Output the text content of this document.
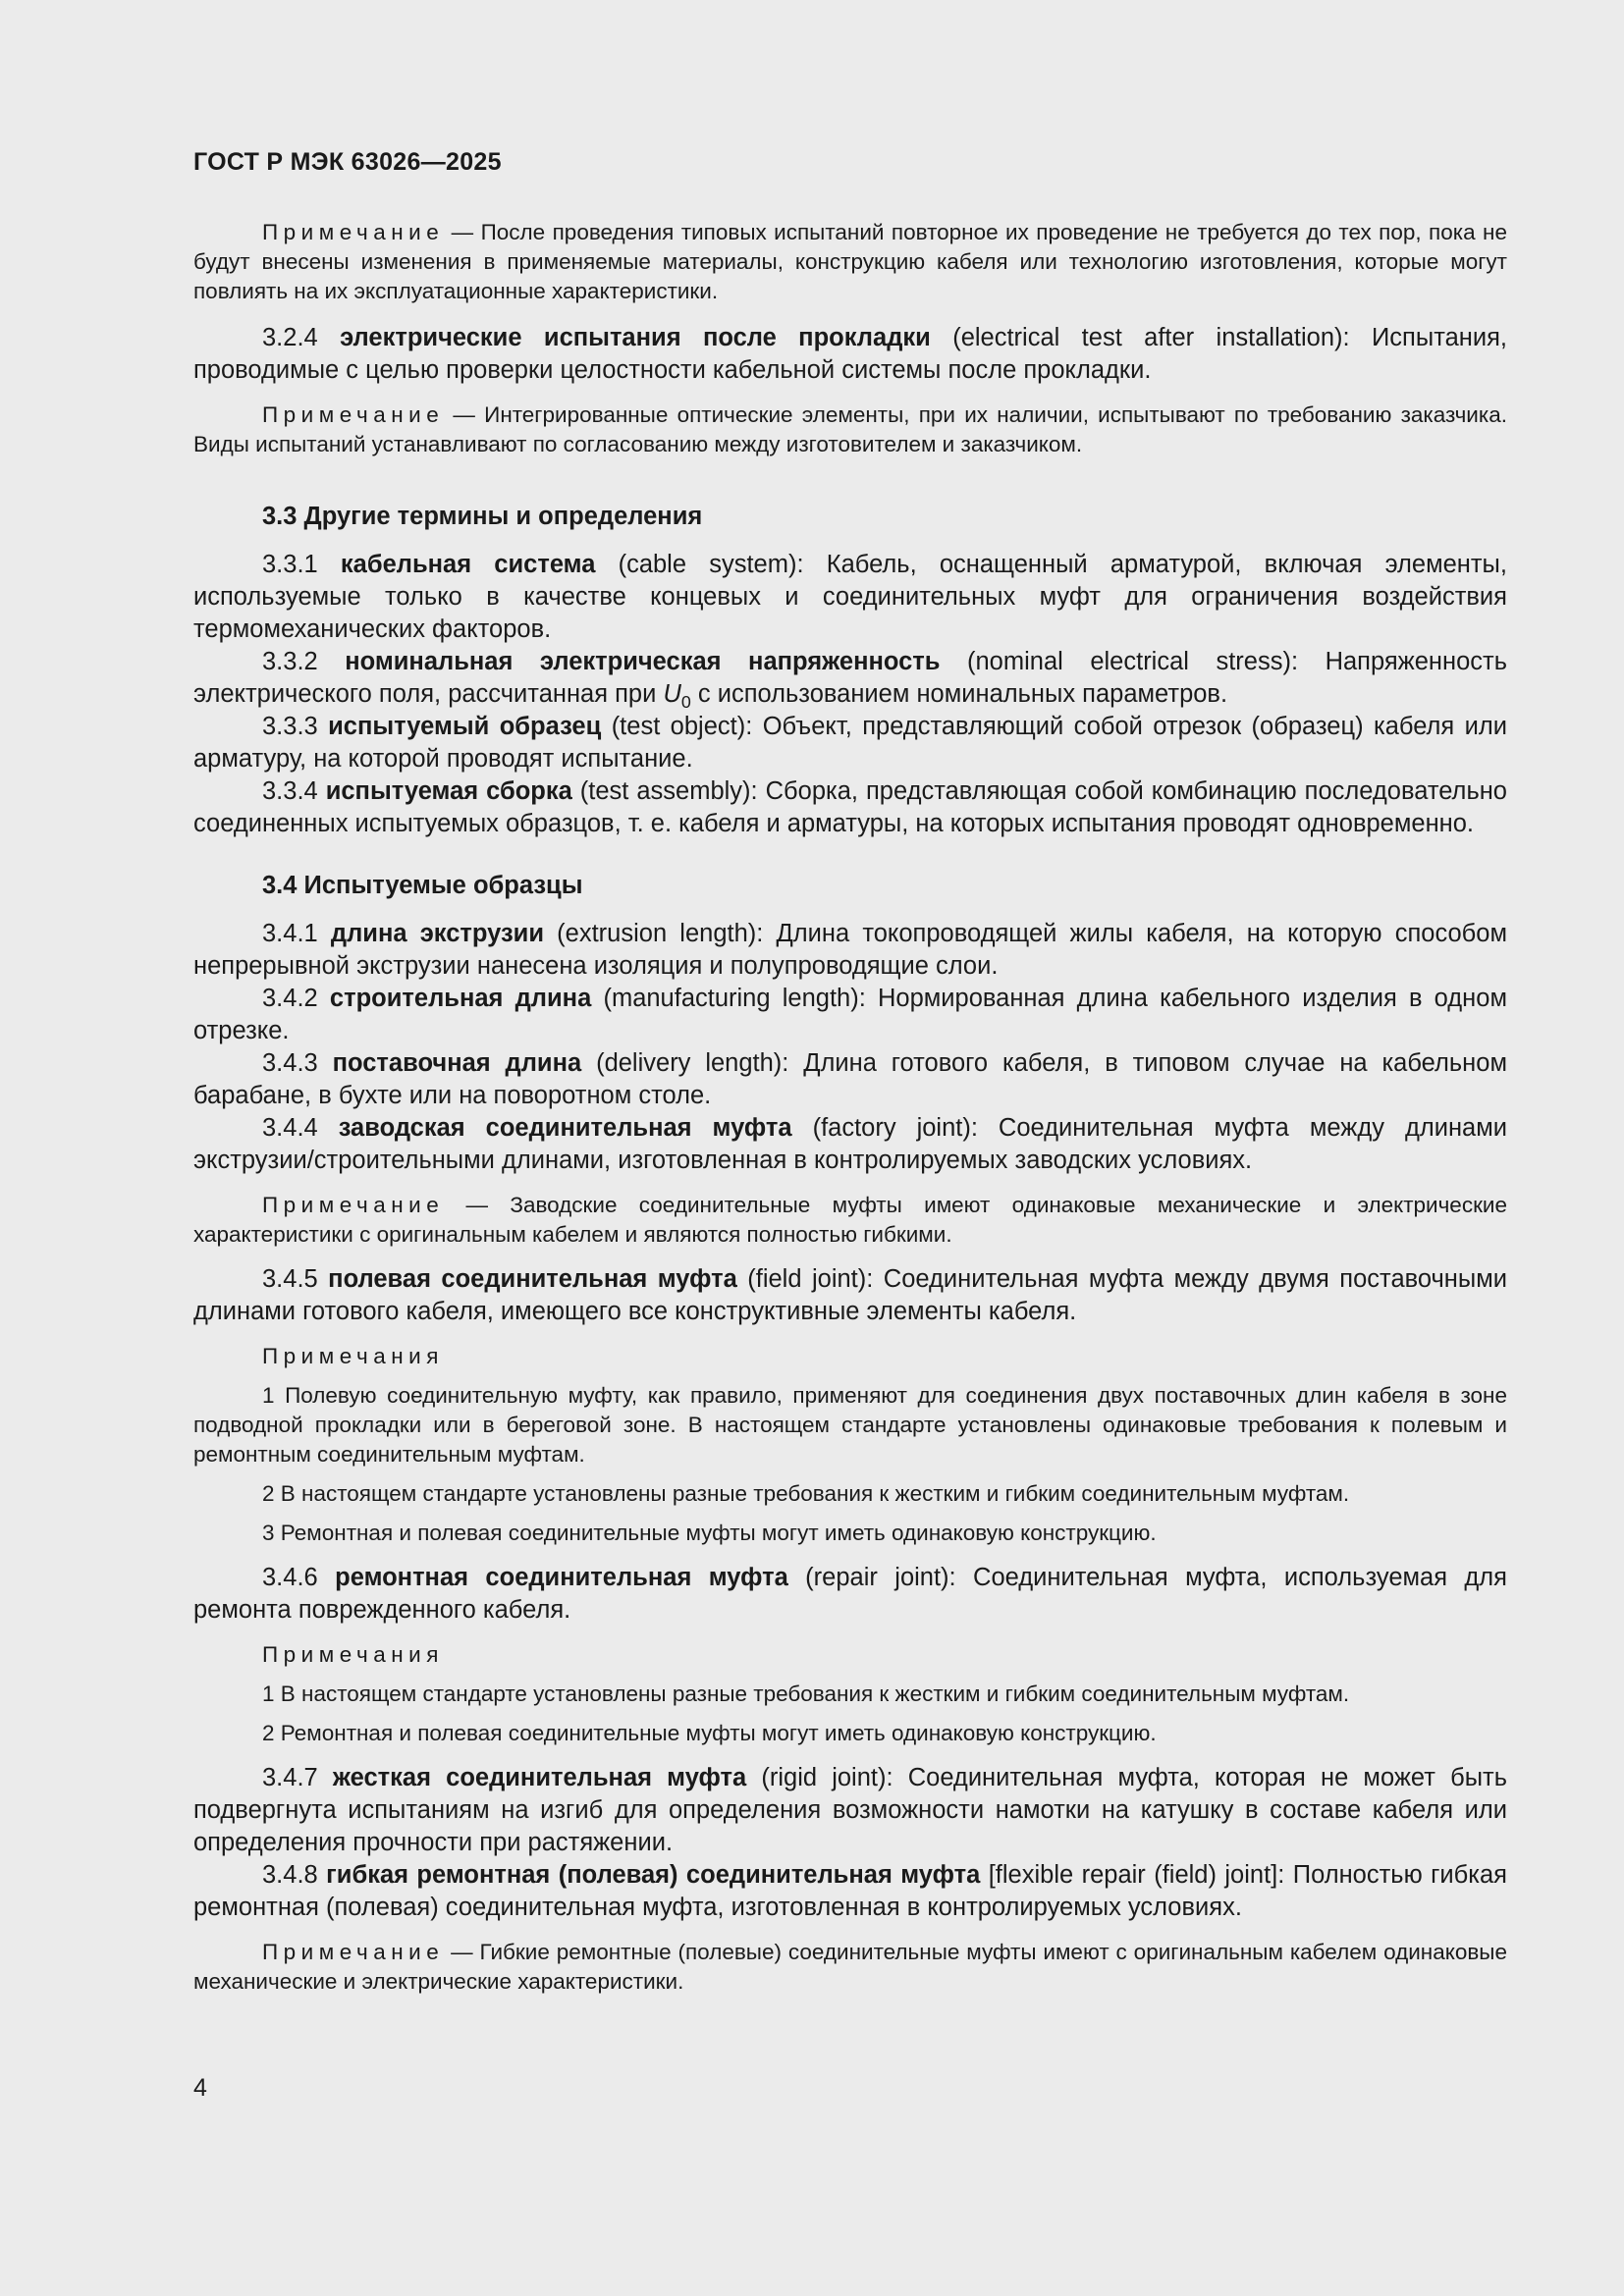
ГОСТ Р МЭК 63026—2025

Примечание — После проведения типовых испытаний повторное их проведение не требуется до тех пор, пока не будут внесены изменения в применяемые материалы, конструкцию кабеля или технологию изготовления, которые могут повлиять на их эксплуатационные характеристики.

3.2.4 электрические испытания после прокладки (electrical test after installation): Испытания, проводимые с целью проверки целостности кабельной системы после прокладки.

Примечание — Интегрированные оптические элементы, при их наличии, испытывают по требованию заказчика. Виды испытаний устанавливают по согласованию между изготовителем и заказчиком.

3.3 Другие термины и определения

3.3.1 кабельная система (cable system): Кабель, оснащенный арматурой, включая элементы, используемые только в качестве концевых и соединительных муфт для ограничения воздействия термомеханических факторов.

3.3.2 номинальная электрическая напряженность (nominal electrical stress): Напряженность электрического поля, рассчитанная при $U_0$ с использованием номинальных параметров.

3.3.3 испытуемый образец (test object): Объект, представляющий собой отрезок (образец) кабеля или арматуру, на которой проводят испытание.

3.3.4 испытуемая сборка (test assembly): Сборка, представляющая собой комбинацию последовательно соединенных испытуемых образцов, т. е. кабеля и арматуры, на которых испытания проводят одновременно.

3.4 Испытуемые образцы

3.4.1 длина экструзии (extrusion length): Длина токопроводящей жилы кабеля, на которую способом непрерывной экструзии нанесена изоляция и полупроводящие слои.

3.4.2 строительная длина (manufacturing length): Нормированная длина кабельного изделия в одном отрезке.

3.4.3 поставочная длина (delivery length): Длина готового кабеля, в типовом случае на кабельном барабане, в бухте или на поворотном столе.

3.4.4 заводская соединительная муфта (factory joint): Соединительная муфта между длинами экструзии/строительными длинами, изготовленная в контролируемых заводских условиях.

Примечание — Заводские соединительные муфты имеют одинаковые механические и электрические характеристики с оригинальным кабелем и являются полностью гибкими.

3.4.5 полевая соединительная муфта (field joint): Соединительная муфта между двумя поставочными длинами готового кабеля, имеющего все конструктивные элементы кабеля.

Примечания

1 Полевую соединительную муфту, как правило, применяют для соединения двух поставочных длин кабеля в зоне подводной прокладки или в береговой зоне. В настоящем стандарте установлены одинаковые требования к полевым и ремонтным соединительным муфтам.

2 В настоящем стандарте установлены разные требования к жестким и гибким соединительным муфтам.

3 Ремонтная и полевая соединительные муфты могут иметь одинаковую конструкцию.

3.4.6 ремонтная соединительная муфта (repair joint): Соединительная муфта, используемая для ремонта поврежденного кабеля.

Примечания

1 В настоящем стандарте установлены разные требования к жестким и гибким соединительным муфтам.

2 Ремонтная и полевая соединительные муфты могут иметь одинаковую конструкцию.

3.4.7 жесткая соединительная муфта (rigid joint): Соединительная муфта, которая не может быть подвергнута испытаниям на изгиб для определения возможности намотки на катушку в составе кабеля или определения прочности при растяжении.

3.4.8 гибкая ремонтная (полевая) соединительная муфта [flexible repair (field) joint]: Полностью гибкая ремонтная (полевая) соединительная муфта, изготовленная в контролируемых условиях.

Примечание — Гибкие ремонтные (полевые) соединительные муфты имеют с оригинальным кабелем одинаковые механические и электрические характеристики.

4
